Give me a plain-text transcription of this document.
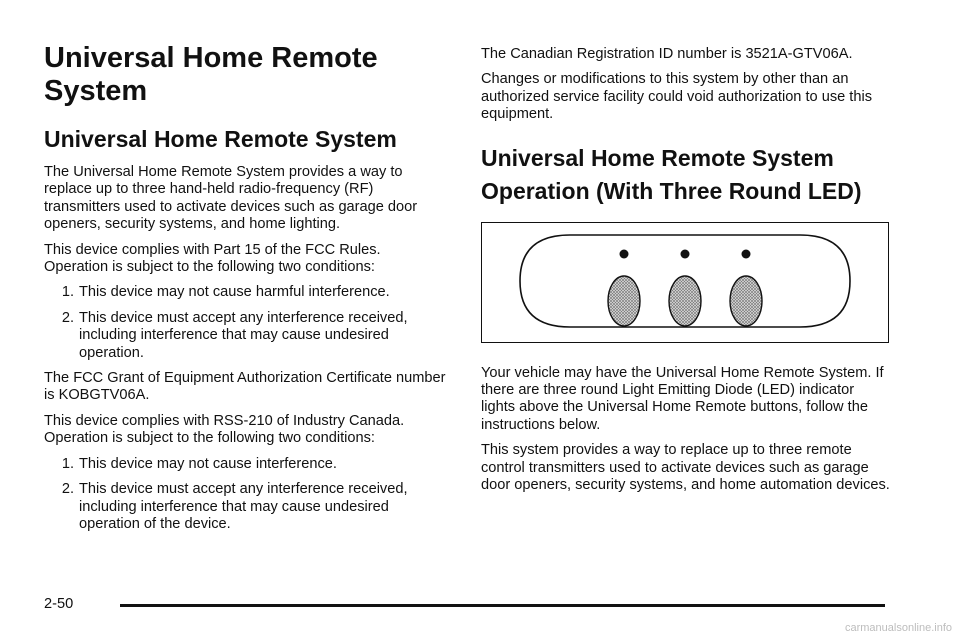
Universal Home Remote System
Universal Home Remote System

The Universal Home Remote System provides a way to replace up to three hand-held radio-frequency (RF) transmitters used to activate devices such as garage door openers, security systems, and home lighting.

This device complies with Part 15 of the FCC Rules. Operation is subject to the following two conditions:

1. This device may not cause harmful interference.
2. This device must accept any interference received, including interference that may cause undesired operation.

The FCC Grant of Equipment Authorization Certificate number is KOBGTV06A.

This device complies with RSS-210 of Industry Canada. Operation is subject to the following two conditions:

1. This device may not cause interference.
2. This device must accept any interference received, including interference that may cause undesired operation of the device.

The Canadian Registration ID number is 3521A-GTV06A.

Changes or modifications to this system by other than an authorized service facility could void authorization to use this equipment.

Universal Home Remote System Operation (With Three Round LED)

Your vehicle may have the Universal Home Remote System. If there are three round Light Emitting Diode (LED) indicator lights above the Universal Home Remote buttons, follow the instructions below.

This system provides a way to replace up to three remote control transmitters used to activate devices such as garage door openers, security systems, and home automation devices.

2-50
carmanualsonline.info
